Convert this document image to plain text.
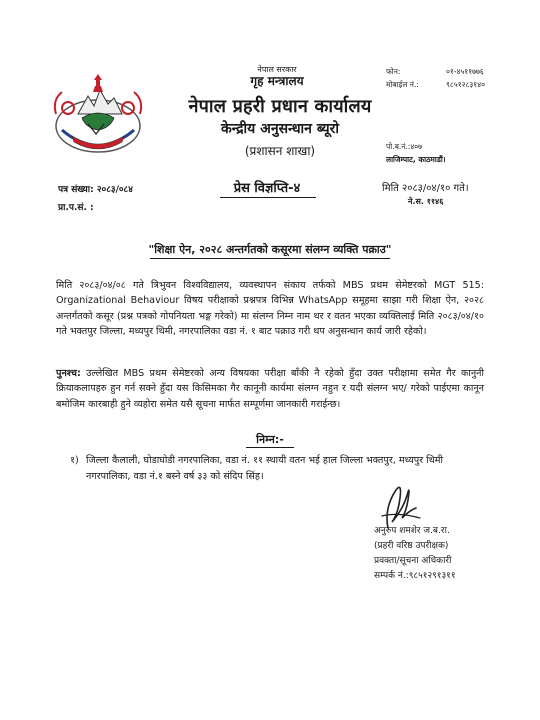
नेपाल सरकार
गृह मन्त्रालय
नेपाल प्रहरी प्रधान कार्यालय
केन्द्रीय अनुसन्धान ब्यूरो
(प्रशासन शाखा)
फोन:	०१-४५११७७६
मोबाईल नं.:	९८५१२८३१४०
पो.ब.नं.:४०७
लाजिम्पाट, काठमाडौं।
पत्र संख्या: २०८३/०८४
प्रा.प.सं. :
प्रेस विज्ञप्ति-४	मिति २०८३/०४/१० गते।
ने.स. ११४६
"शिक्षा ऐन, २०२८ अन्तर्गतको कसूरमा संलग्न व्यक्ति पक्राउ"
मिति २०८३/०४/०८ गते त्रिभुवन विश्वविद्यालय, व्यवस्थापन संकाय तर्फको MBS प्रथम सेमेष्टरको MGT 515: Organizational Behaviour विषय परीक्षाको प्रश्नपत्र विभिन्न WhatsApp समूहमा साझा गरी शिक्षा ऐन, २०२८ अन्तर्गतको कसूर (प्रश्न पत्रको गोपनियता भङ्ग गरेको) मा संलग्न निम्न नाम थर र वतन भएका व्यक्तिलाई मिति २०८३/०४/१० गते भक्तपुर जिल्ला, मध्यपुर थिमी, नगरपालिका वडा नं. १ बाट पक्राउ गरी थप अनुसन्धान कार्य जारी रहेको।
पुनश्च: उल्लेखित MBS प्रथम सेमेष्टरको अन्य विषयका परीक्षा बाँकी नै रहेको हुँदा उक्त परीक्षामा समेत गैर कानुनी क्रियाकलापहरु हुन गर्न सक्ने हुँदा यस किसिमका गैर कानूनी कार्यमा संलग्न नहुन र यदी संलग्न भए/ गरेको पाईएमा कानून बमोजिम कारबाही हुने व्यहोरा समेत यसै सूचना मार्फत सम्पूर्णमा जानकारी गराईन्छ।
निम्न:-
१) जिल्ला कैलाली, घोडाघोडी नगरपालिका, वडा नं. ११ स्थायी वतन भई हाल जिल्ला भक्तपुर, मध्यपुर थिमी नगरपालिका, वडा नं.१ बस्ने वर्ष ३३ को संदिप सिंह।
अनुरुप शमशेर ज.ब.रा.
(प्रहरी वरिष्ठ उपरीक्षक)
प्रवक्ता/सूचना अधिकारी
सम्पर्क नं.:९८५१२९१३११
